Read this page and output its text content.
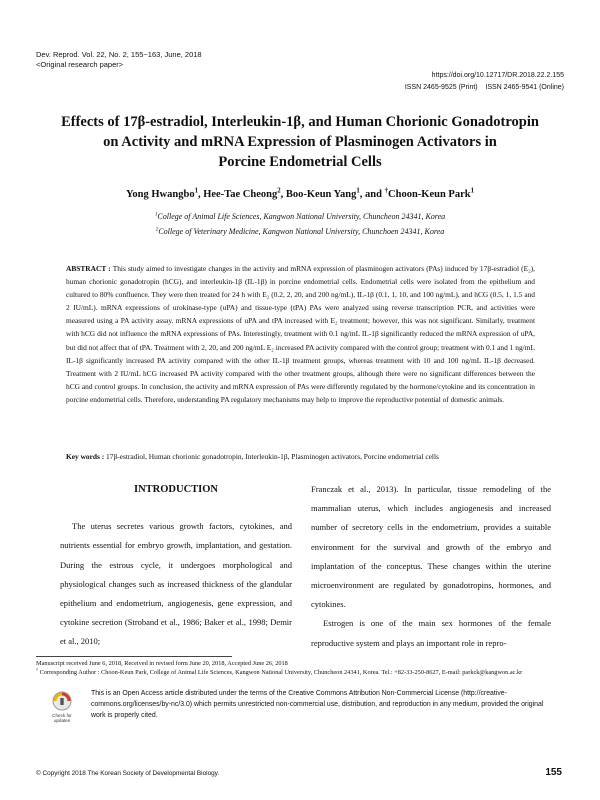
Dev. Reprod. Vol. 22, No. 2, 155~163, June, 2018
<Original research paper>
https://doi.org/10.12717/DR.2018.22.2.155
ISSN 2465-9525 (Print)    ISSN 2465-9541 (Online)
Effects of 17β-estradiol, Interleukin-1β, and Human Chorionic Gonadotropin
on Activity and mRNA Expression of Plasminogen Activators in
Porcine Endometrial Cells
Yong Hwangbo$^1$, Hee-Tae Cheong$^2$, Boo-Keun Yang$^1$, and †Choon-Keun Park$^1$
$^1$College of Animal Life Sciences, Kangwon National University, Chuncheon 24341, Korea
$^2$College of Veterinary Medicine, Kangwon National University, Chunchoen 24341, Korea
ABSTRACT : This study aimed to investigate changes in the activity and mRNA expression of plasminogen activators (PAs) induced by 17β-estradiol (E₂), human chorionic gonadotropin (hCG), and interleukin-1β (IL-1β) in porcine endometrial cells. Endometrial cells were isolated from the epithelium and cultured to 80% confluence. They were then treated for 24 h with E₂ (0.2, 2, 20, and 200 ng/mL), IL-1β (0.1, 1, 10, and 100 ng/mL), and hCG (0.5, 1, 1.5 and 2 IU/mL). mRNA expressions of urokinase-type (uPA) and tissue-type (tPA) PAs were analyzed using reverse transcription PCR, and activities were measured using a PA activity assay. mRNA expressions of uPA and tPA increased with E₂ treatment; however, this was not significant. Similarly, treatment with hCG did not influence the mRNA expressions of PAs. Interestingly, treatment with 0.1 ng/mL IL-1β significantly reduced the mRNA expression of uPA, but did not affect that of tPA. Treatment with 2, 20, and 200 ng/mL E₂ increased PA activity compared with the control group; treatment with 0.1 and 1 ng/mL IL-1β significantly increased PA activity compared with the other IL-1β treatment groups, whereas treatment with 10 and 100 ng/mL IL-1β decreased. Treatment with 2 IU/mL hCG increased PA activity compared with the other treatment groups, although there were no significant differences between the hCG and control groups. In conclusion, the activity and mRNA expression of PAs were differently regulated by the hormone/cytokine and its concentration in porcine endometrial cells. Therefore, understanding PA regulatory mechanisms may help to improve the reproductive potential of domestic animals.
Key words : 17β-estradiol, Human chorionic gonadotropin, Interleukin-1β, Plasminogen activators, Porcine endometrial cells
INTRODUCTION

The uterus secretes various growth factors, cytokines, and nutrients essential for embryo growth, implantation, and gestation. During the estrous cycle, it undergoes morphological and physiological changes such as increased thickness of the glandular epithelium and endometrium, angiogenesis, gene expression, and cytokine secretion (Stroband et al., 1986; Baker et al., 1998; Demir et al., 2010;

Franczak et al., 2013). In particular, tissue remodeling of the mammalian uterus, which includes angiogenesis and increased number of secretory cells in the endometrium, provides a suitable environment for the survival and growth of the embryo and implantation of the conceptus. These changes within the uterine microenvironment are regulated by gonadotropins, hormones, and cytokines.

Estrogen is one of the main sex hormones of the female reproductive system and plays an important role in repro-

Manuscript received June 6, 2018, Received in revised form June 20, 2018, Accepted June 26, 2018
† Corresponding Author : Choon-Keun Park, College of Animal Life Sciences, Kangwon National University, Chuncheon 24341, Korea. Tel.: +82-33-250-8627, E-mail: parkck@kangwon.ac.kr
Check for
updates
This is an Open Access article distributed under the terms of the Creative Commons Attribution Non-Commercial License (http://creative-commons.org/licenses/by-nc/3.0) which permits unrestricted non-commercial use, distribution, and reproduction in any medium, provided the original work is properly cited.
© Copyright 2018 The Korean Society of Developmental Biology.	155
